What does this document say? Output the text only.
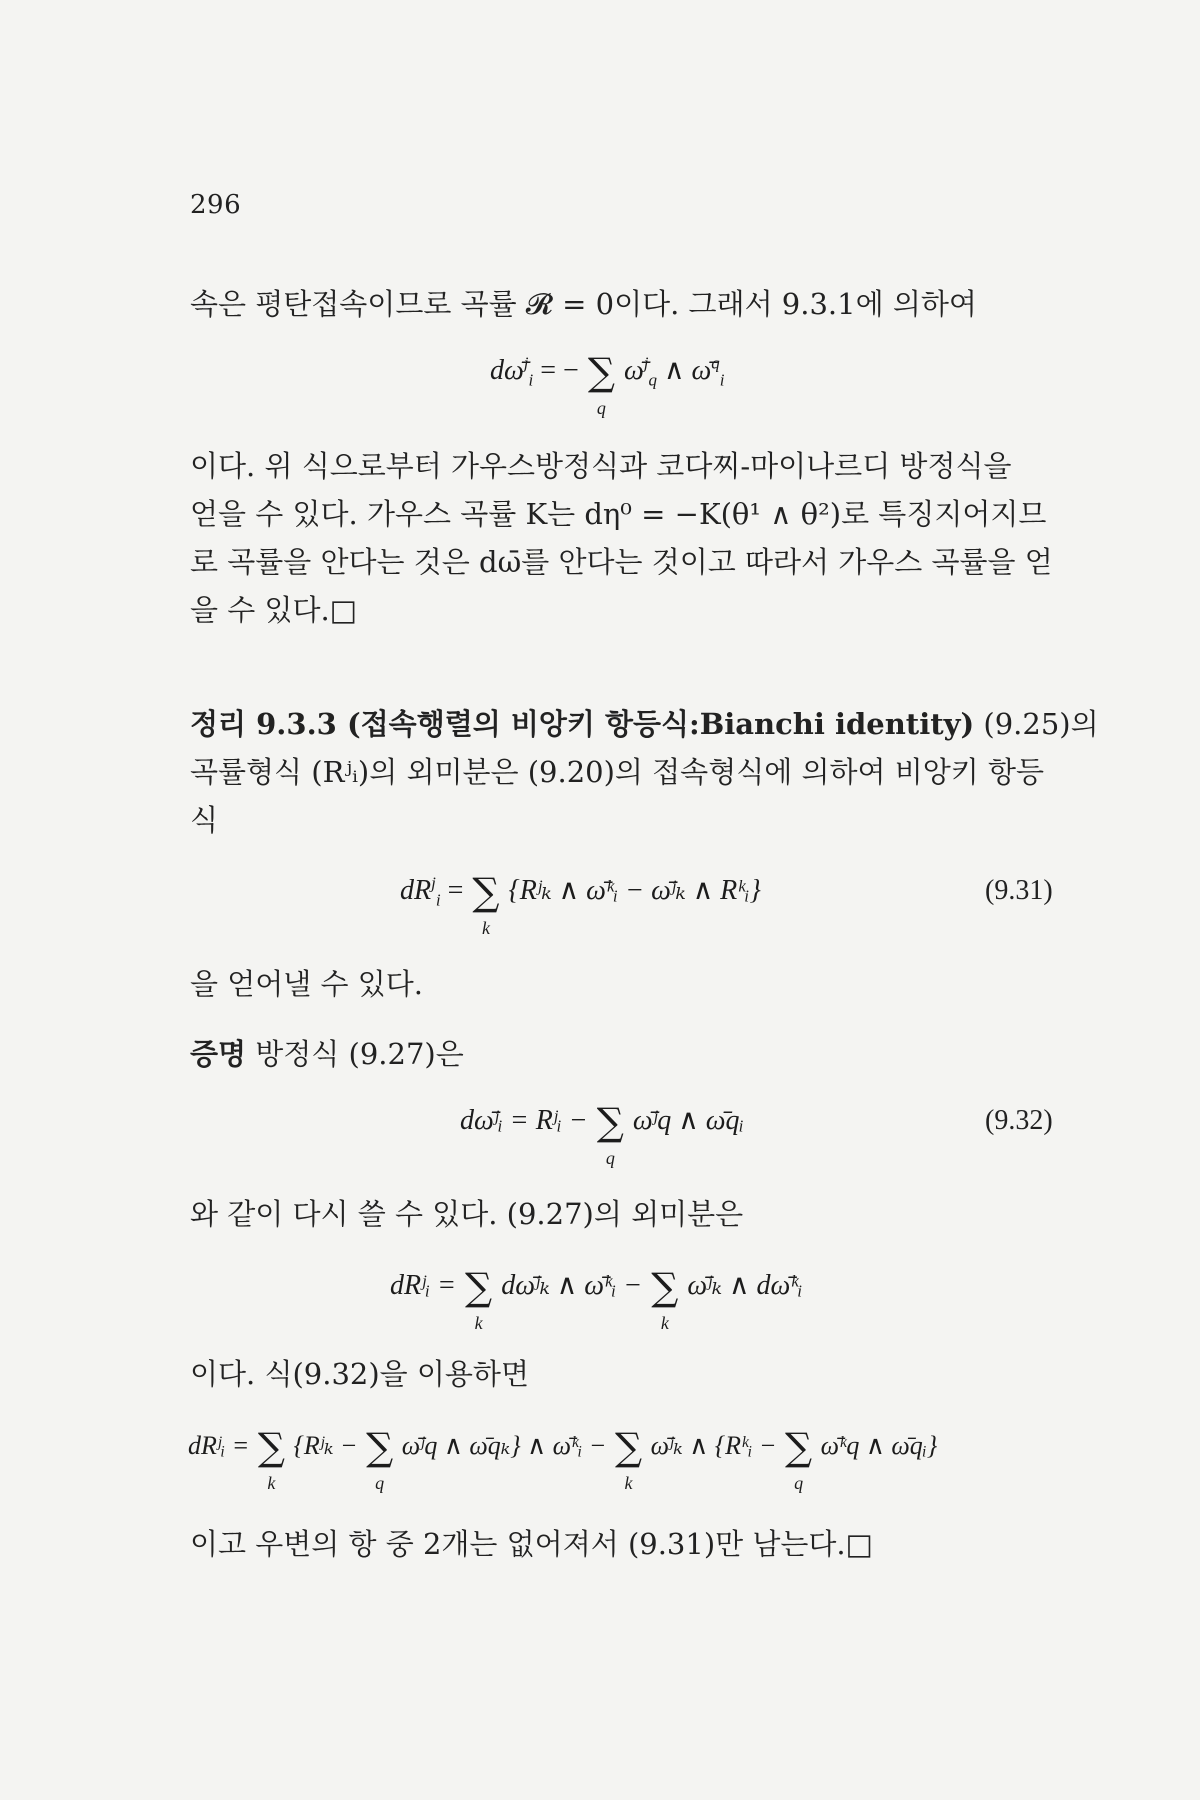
296
속은 평탄접속이므로 곡률 𝓡 = 0이다. 그래서 9.3.1에 의하여
dω̄$^j_i$ = − ∑
q
ω̄$^j_q$ ∧ ω̄$^q_i$
이다. 위 식으로부터 가우스방정식과 코다찌-마이나르디 방정식을
얻을 수 있다. 가우스 곡률 K는 dη⁰ = −K(θ¹ ∧ θ²)로 특징지어지므
로 곡률을 안다는 것은 dω̄를 안다는 것이고 따라서 가우스 곡률을 얻
을 수 있다.□
정리 9.3.3 (접속행렬의 비앙키 항등식:Bianchi identity) (9.25)의
곡률형식 (Rʲᵢ)의 외미분은 (9.20)의 접속형식에 의하여 비앙키 항등
식
$dR^j_i$ = ∑
k
{Rʲₖ ∧ ω̄ᵏᵢ − ω̄ʲₖ ∧ Rᵏᵢ}	(9.31)
을 얻어낼 수 있다.
증명 방정식 (9.27)은
dω̄ʲᵢ = Rʲᵢ − ∑
q
ω̄ʲq ∧ ω̄qᵢ	(9.32)
와 같이 다시 쓸 수 있다. (9.27)의 외미분은
dRʲᵢ = ∑
k
dω̄ʲₖ ∧ ω̄ᵏᵢ − ∑
k
ω̄ʲₖ ∧ dω̄ᵏᵢ
이다. 식(9.32)을 이용하면
dRʲᵢ = ∑
k
{Rʲₖ − ∑
q
ω̄ʲq ∧ ω̄qₖ} ∧ ω̄ᵏᵢ − ∑
k
ω̄ʲₖ ∧ {Rᵏᵢ − ∑
q
ω̄ᵏq ∧ ω̄qᵢ}
이고 우변의 항 중 2개는 없어져서 (9.31)만 남는다.□
